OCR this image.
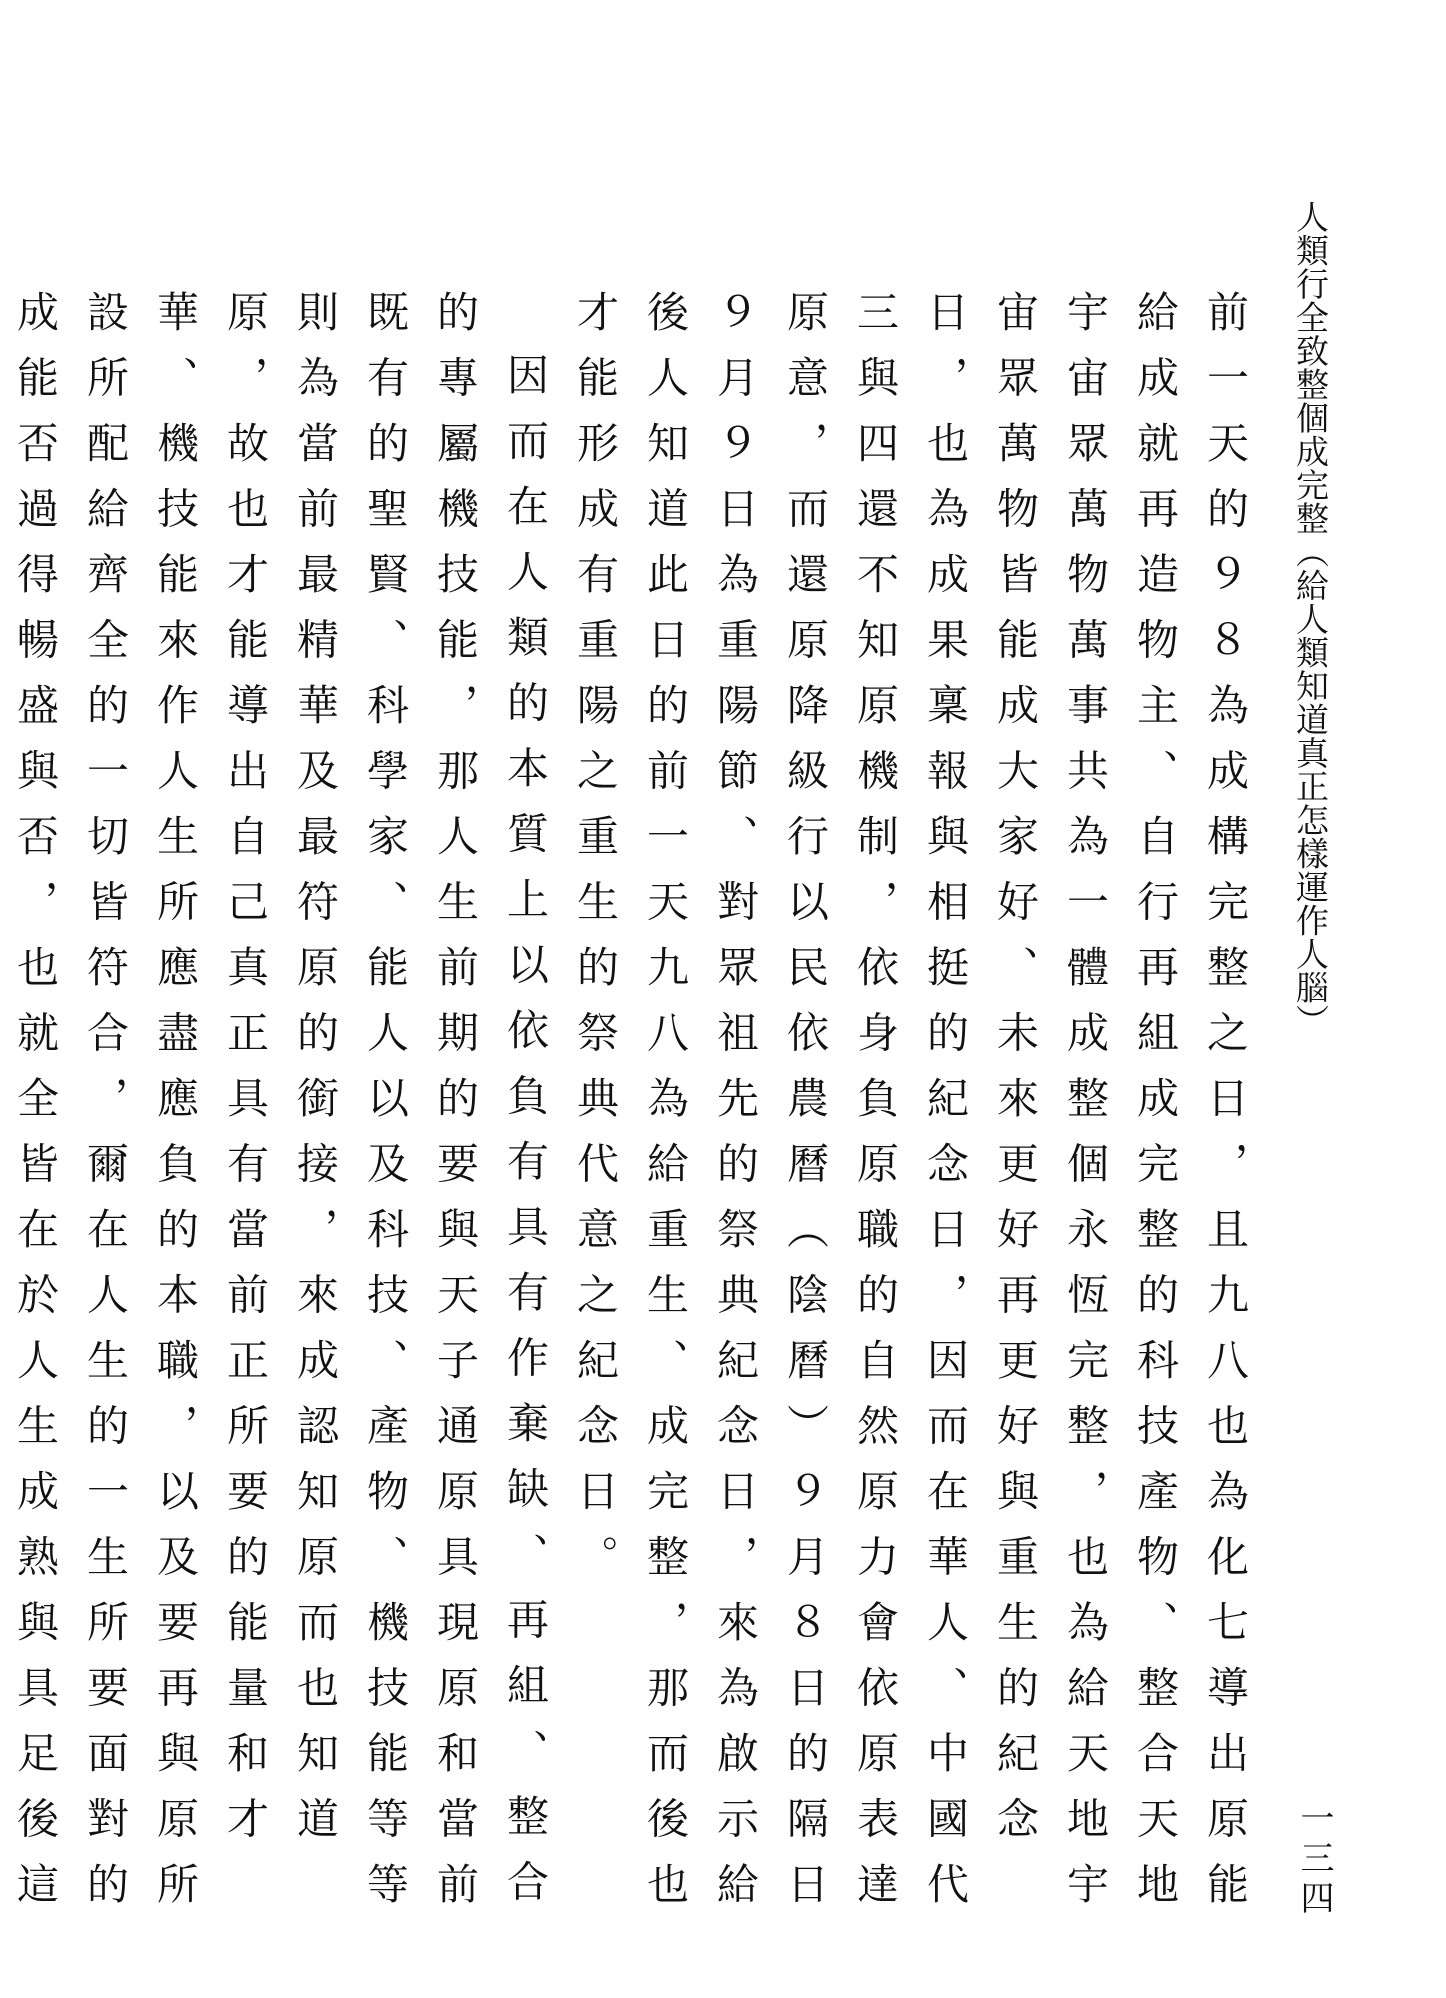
人類行全致整個成完整（給人類知道真正怎樣運作人腦）
一三四

前一天的９８為成構完整之日，且九八也為化七導出原能給成就再造物主、自行再組成完整的科技產物、整合天地宇宙眾萬物萬事共為一體成整個永恆完整，也為給天地宇宙眾萬物皆能成大家好、未來更好再更好與重生的紀念日，也為成果稟報與相挺的紀念日，因而在華人、中國代三與四還不知原機制，依身負原職的自然原力會依原表達原意，而還原降級行以民依農曆（陰曆）９月８日的隔日９月９日為重陽節、對眾祖先的祭典紀念日，來為啟示給後人知道此日的前一天九八為給重生、成完整，那而後也才能形成有重陽之重生的祭典代意之紀念日。

因而在人類的本質上以依負有具有作棄缺、再組、整合的專屬機技能，那人生前期的要與天子通原具現原和當前既有的聖賢、科學家、能人以及科技、產物、機技能等等則為當前最精華及最符原的銜接，來成認知原而也知道原，故也才能導出自己真正具有當前正所要的能量和才華、機技能來作人生所應盡應負的本職，以及要再與原所設所配給齊全的一切皆符合，爾在人生的一生所要面對的成能否過得暢盛與否，也就全皆在於人生成熟與具足後這
